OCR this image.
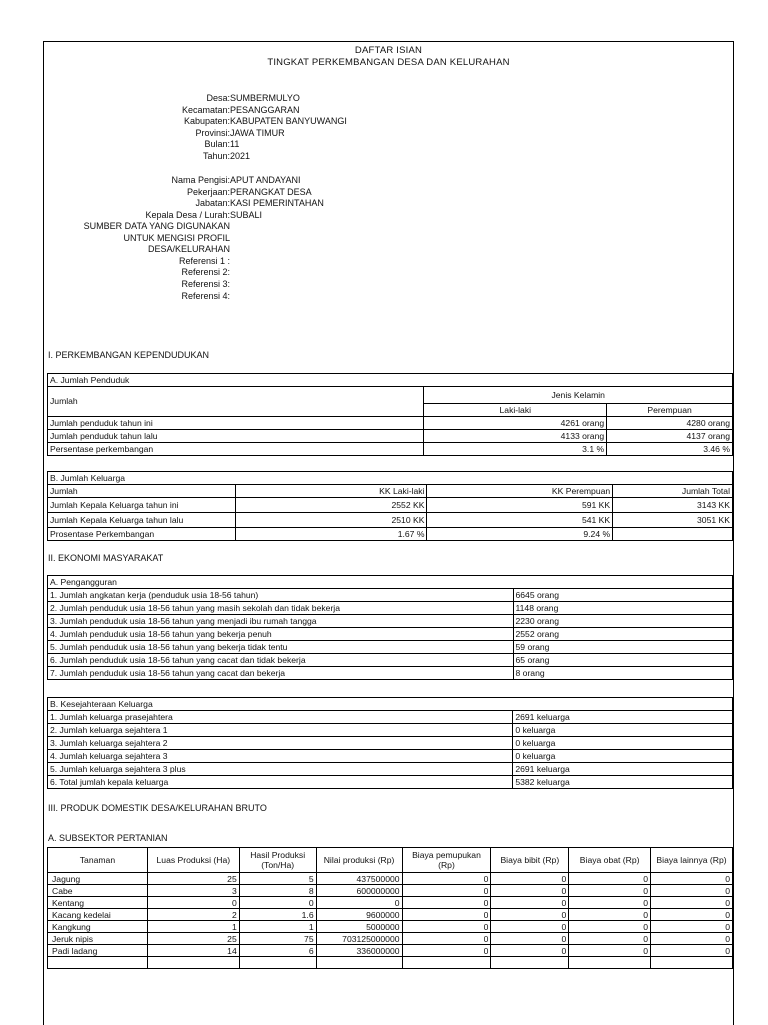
DAFTAR ISIAN
TINGKAT PERKEMBANGAN DESA DAN KELURAHAN
Desa: SUMBERMULYO
Kecamatan: PESANGGARAN
Kabupaten: KABUPATEN BANYUWANGI
Provinsi: JAWA TIMUR
Bulan: 11
Tahun: 2021
Nama Pengisi: APUT ANDAYANI
Pekerjaan: PERANGKAT DESA
Jabatan: KASI PEMERINTAHAN
Kepala Desa / Lurah: SUBALI
SUMBER DATA YANG DIGUNAKAN
UNTUK MENGISI PROFIL
DESA/KELURAHAN
Referensi 1 :
Referensi 2:
Referensi 3:
Referensi 4:
I. PERKEMBANGAN KEPENDUDUKAN
A. Jumlah Penduduk		
Jumlah	Jenis Kelamin	
	Laki-laki	Perempuan
Jumlah penduduk tahun ini	4261 orang	4280 orang
Jumlah penduduk tahun lalu	4133 orang	4137 orang
Persentase perkembangan	3.1 %	3.46 %
B. Jumlah Keluarga			
Jumlah	KK Laki-laki	KK Perempuan	Jumlah Total
Jumlah Kepala Keluarga tahun ini	2552 KK	591 KK	3143 KK
Jumlah Kepala Keluarga tahun lalu	2510 KK	541 KK	3051 KK
Prosentase Perkembangan	1.67 %	9.24 %	
II. EKONOMI MASYARAKAT
A. Pengangguran	
1. Jumlah angkatan kerja (penduduk usia 18-56 tahun)	6645 orang
2. Jumlah penduduk usia 18-56 tahun yang masih sekolah dan tidak bekerja	1148 orang
3. Jumlah penduduk usia 18-56 tahun yang menjadi ibu rumah tangga	2230 orang
4. Jumlah penduduk usia 18-56 tahun yang bekerja penuh	2552 orang
5. Jumlah penduduk usia 18-56 tahun yang bekerja tidak tentu	59 orang
6. Jumlah penduduk usia 18-56 tahun yang cacat dan tidak bekerja	65 orang
7. Jumlah penduduk usia 18-56 tahun yang cacat dan bekerja	8 orang
B. Kesejahteraan Keluarga	
1. Jumlah keluarga prasejahtera	2691 keluarga
2. Jumlah keluarga sejahtera 1	0 keluarga
3. Jumlah keluarga sejahtera 2	0 keluarga
4. Jumlah keluarga sejahtera 3	0 keluarga
5. Jumlah keluarga sejahtera 3 plus	2691 keluarga
6. Total jumlah kepala keluarga	5382 keluarga
III. PRODUK DOMESTIK DESA/KELURAHAN BRUTO
A. SUBSEKTOR PERTANIAN
Tanaman	Luas Produksi (Ha)	Hasil Produksi (Ton/Ha)	Nilai produksi (Rp)	Biaya pemupukan (Rp)	Biaya bibit (Rp)	Biaya obat (Rp)	Biaya lainnya (Rp)
Jagung	25	5	437500000	0	0	0	0
Cabe	3	8	600000000	0	0	0	0
Kentang	0	0	0	0	0	0	0
Kacang kedelai	2	1.6	9600000	0	0	0	0
Kangkung	1	1	5000000	0	0	0	0
Jeruk nipis	25	75	703125000000	0	0	0	0
Padi ladang	14	6	336000000	0	0	0	0
